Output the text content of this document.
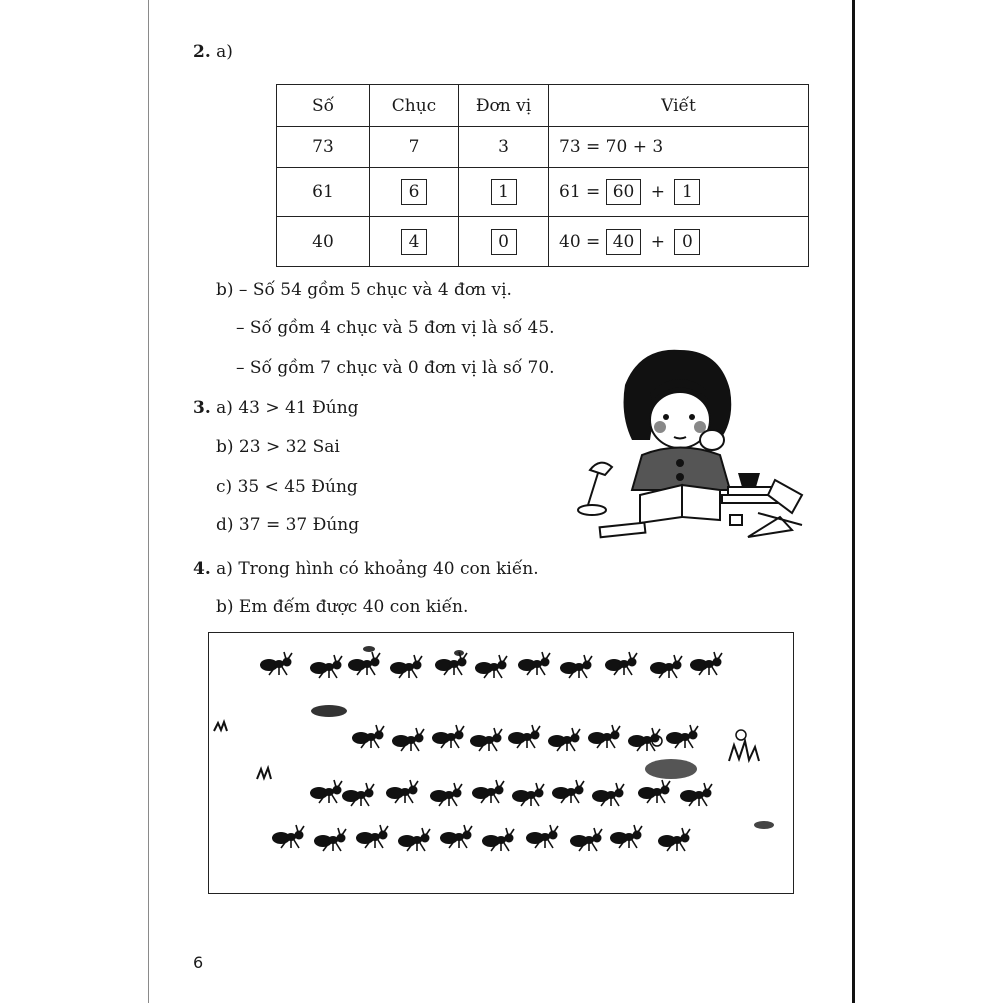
2. a)
Số	Chục	Đơn vị	Viết
73	7	3	73 = 70 + 3
61	6	1	61 = 60 + 1
40	4	0	40 = 40 + 0
b) – Số 54 gồm 5 chục và 4 đơn vị.
– Số gồm 4 chục và 5 đơn vị là số 45.
– Số gồm 7 chục và 0 đơn vị là số 70.
3. a) 43 > 41 Đúng
b) 23 > 32 Sai
c) 35 < 45 Đúng
d) 37 = 37 Đúng
4. a) Trong hình có khoảng 40 con kiến.
b) Em đếm được 40 con kiến.
6
